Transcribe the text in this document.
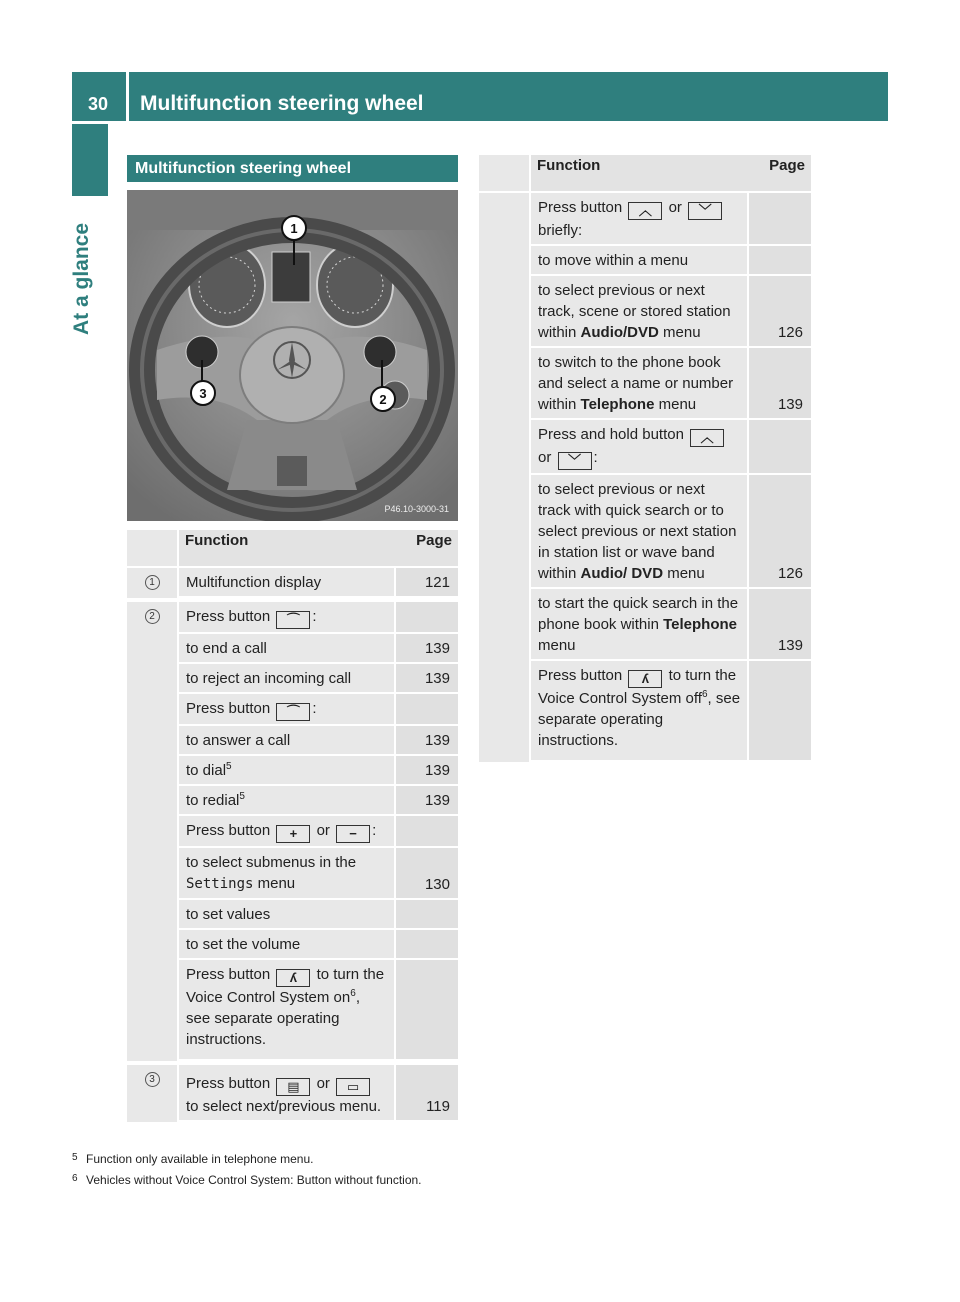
30	Multifunction steering wheel
At a glance
Multifunction steering wheel
1
3	2
P46.10-3000-31
	Function	Page
1	Multifunction display	121
2	Press button ⌒ :	
	to end a call	139
	to reject an incoming call	139
	Press button ⌒ :	
	to answer a call	139
	to dial$^5$	139
	to redial$^5$	139
	Press button + or − :	
	to select submenus in the
Settings menu	130
	to set values	
	to set the volume	
	Press button ʎ to turn the Voice Control System $on^6$, see separate operating instructions.	
3	Press button ▤ or ▭ to select next/previous menu.	119
	Function	Page
	Press button ︿ or ﹀
briefly:	
	to move within a menu	
	to select previous or next track, scene or stored station within Audio/DVD menu	126
	to switch to the phone book and select a name or number within Telephone menu	139
	Press and hold button ︿ or ﹀ :	
	to select previous or next track with quick search or to select previous or next station in station list or wave band within Audio/ DVD menu	126
	to start the quick search in the phone book within Telephone menu	139
	Press button ʎ to turn the Voice Control System off$^6$, see separate operating instructions.	
5 Function only available in telephone menu.
6 Vehicles without Voice Control System: Button without function.
